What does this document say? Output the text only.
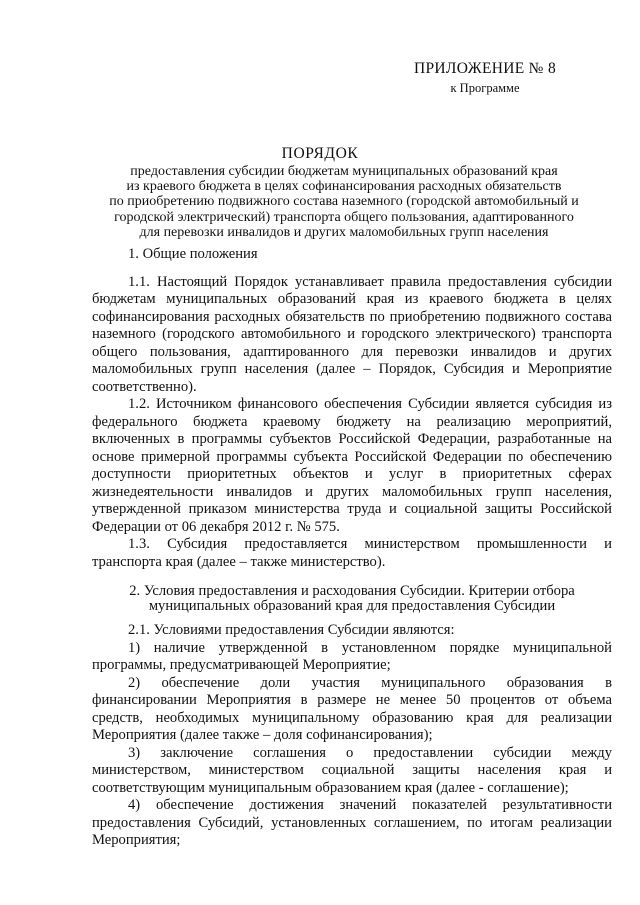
ПРИЛОЖЕНИЕ № 8
к Программе
ПОРЯДОК
предоставления субсидии бюджетам муниципальных образований края
из краевого бюджета в целях софинансирования расходных обязательств
по приобретению подвижного состава наземного (городской автомобильный и
городской электрический) транспорта общего пользования, адаптированного
для перевозки инвалидов и других маломобильных групп населения

1. Общие положения

1.1. Настоящий Порядок устанавливает правила предоставления субсидии бюджетам муниципальных образований края из краевого бюджета в целях софинансирования расходных обязательств по приобретению подвижного состава наземного (городского автомобильного и городского электрического) транспорта общего пользования, адаптированного для перевозки инвалидов и других маломобильных групп населения (далее – Порядок, Субсидия и Мероприятие соответственно).

1.2. Источником финансового обеспечения Субсидии является субсидия из федерального бюджета краевому бюджету на реализацию мероприятий, включенных в программы субъектов Российской Федерации, разработанные на основе примерной программы субъекта Российской Федерации по обеспечению доступности приоритетных объектов и услуг в приоритетных сферах жизнедеятельности инвалидов и других маломобильных групп населения, утвержденной приказом министерства труда и социальной защиты Российской Федерации от 06 декабря 2012 г. № 575.

1.3. Субсидия предоставляется министерством промышленности и транспорта края (далее – также министерство).

2. Условия предоставления и расходования Субсидии. Критерии отбора
муниципальных образований края для предоставления Субсидии

2.1. Условиями предоставления Субсидии являются:

1) наличие утвержденной в установленном порядке муниципальной программы, предусматривающей Мероприятие;

2) обеспечение доли участия муниципального образования в финансировании Мероприятия в размере не менее 50 процентов от объема средств, необходимых муниципальному образованию края для реализации Мероприятия (далее также – доля софинансирования);

3) заключение соглашения о предоставлении субсидии между министерством, министерством социальной защиты населения края и соответствующим муниципальным образованием края (далее - соглашение);

4) обеспечение достижения значений показателей результативности предоставления Субсидий, установленных соглашением, по итогам реализации Мероприятия;
